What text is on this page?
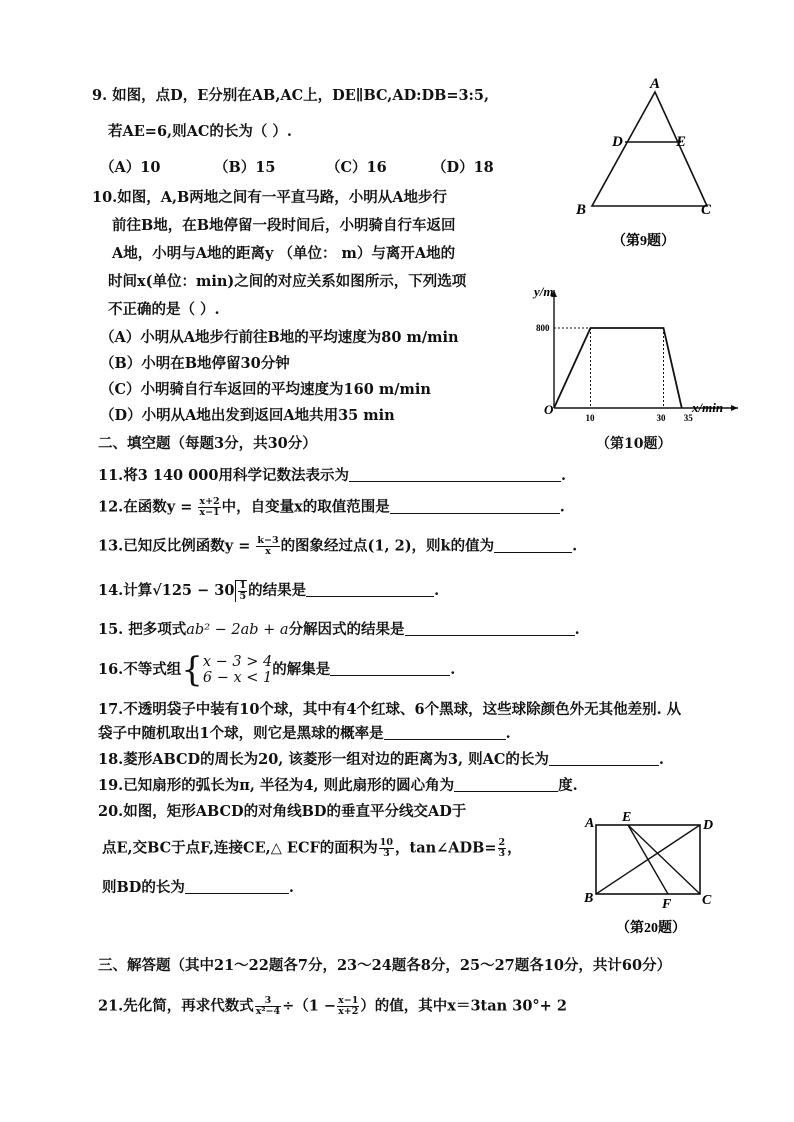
9. 如图，点D，E分别在AB,AC上，DE∥BC,AD:DB=3:5,
若AE=6,则AC的长为（ ）.
（A）10	（B）15	（C）16	（D）18
A
D	E
B	C
（第9题）
10.如图，A,B两地之间有一平直马路，小明从A地步行
前往B地，在B地停留一段时间后，小明骑自行车返回
A地，小明与A地的距离y （单位： m）与离开A地的
时间x(单位：min)之间的对应关系如图所示，下列选项
不正确的是（ ）.
（A）小明从A地步行前往B地的平均速度为80 m/min
（B）小明在B地停留30分钟
（C）小明骑自行车返回的平均速度为160 m/min
（D）小明从A地出发到返回A地共用35 min
y/m
x/min
O
10	30 35
800
（第10题）
二、填空题（每题3分，共30分）
11.将3 140 000用科学记数法表示为	.
12.在函数$y = \frac{x+2}{x-1}$ 中，自变量x的取值范围是	.
13.已知反比例函数$y = \frac{k-3}{x}$ 的图象经过点(1, 2)，则k的值为	.
14.计算$√125 - 30 \frac{1}{5}$ 的结果是	.
15. 把多项式ab² − 2ab + a分解因式的结果是	.
16.不等式组{ x − 3 > 4
6 − x < 1 的解集是	.
17.不透明袋子中装有10个球，其中有4个红球、6个黑球，这些球除颜色外无其他差别. 从
袋子中随机取出1个球，则它是黑球的概率是	.
18.菱形ABCD的周长为20, 该菱形一组对边的距离为3, 则AC的长为	.
19.已知扇形的弧长为π, 半径为4, 则此扇形的圆心角为	度.
20.如图，矩形ABCD的对角线BD的垂直平分线交AD于
点E,交BC于点F,连接CE,△ ECF的面积为 $\frac{10}{3}$ ，tan∠ADB= $\frac{2}{3}$ ，
则BD的长为	.
A E
D
B	F C
（第20题）
三、解答题（其中21～22题各7分，23～24题各8分，25～27题各10分，共计60分）
21.先化简，再求代数式 $\frac{3}{\text{x²−4}} \div(1 - \frac{x-1}{x+2}$ ）的值，其中x＝3tan 30°+ 2
